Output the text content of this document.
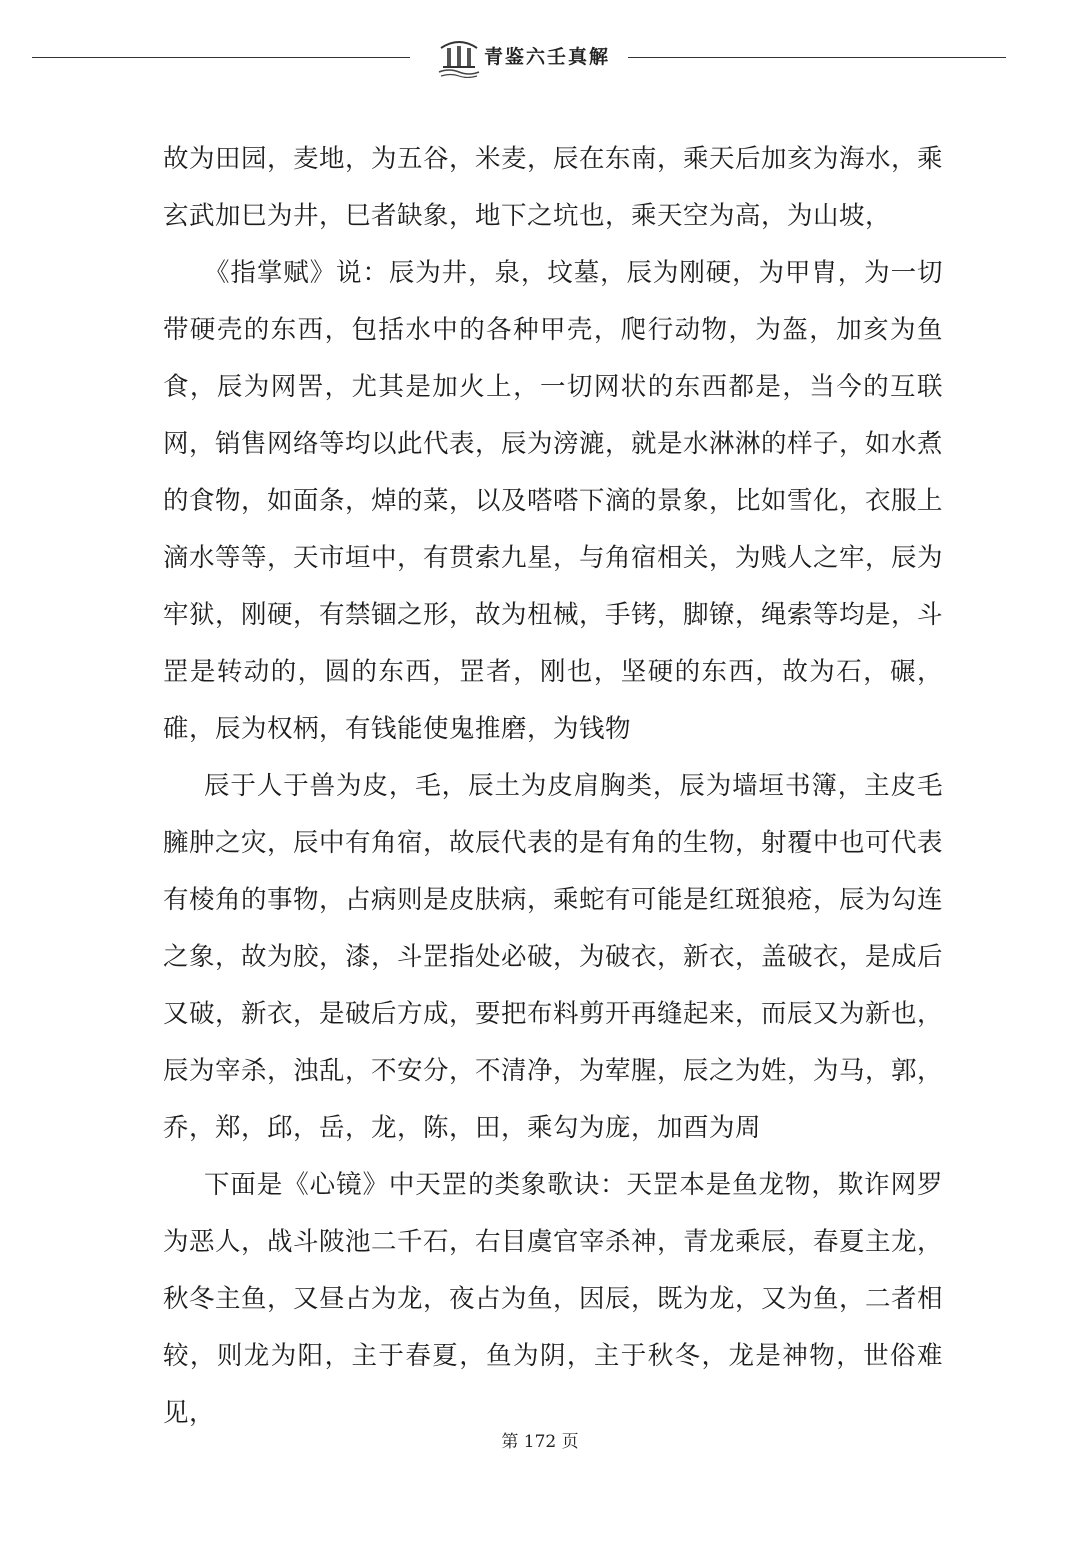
青鉴六壬真解

故为田园，麦地，为五谷，米麦，辰在东南，乘天后加亥为海水，乘玄武加巳为井，巳者缺象，地下之坑也，乘天空为高，为山坡，

《指掌赋》说：辰为井，泉，坟墓，辰为刚硬，为甲胄，为一切带硬壳的东西，包括水中的各种甲壳，爬行动物，为盔，加亥为鱼食，辰为网罟，尤其是加火上，一切网状的东西都是，当今的互联网，销售网络等均以此代表，辰为滂漉，就是水淋淋的样子，如水煮的食物，如面条，焯的菜，以及嗒嗒下滴的景象，比如雪化，衣服上滴水等等，天市垣中，有贯索九星，与角宿相关，为贱人之牢，辰为牢狱，刚硬，有禁锢之形，故为杻械，手铐，脚镣，绳索等均是，斗罡是转动的，圆的东西，罡者，刚也，坚硬的东西，故为石，碾，碓，辰为权柄，有钱能使鬼推磨，为钱物

辰于人于兽为皮，毛，辰土为皮肩胸类，辰为墙垣书簿，主皮毛臃肿之灾，辰中有角宿，故辰代表的是有角的生物，射覆中也可代表有棱角的事物，占病则是皮肤病，乘蛇有可能是红斑狼疮，辰为勾连之象，故为胶，漆，斗罡指处必破，为破衣，新衣，盖破衣，是成后又破，新衣，是破后方成，要把布料剪开再缝起来，而辰又为新也，辰为宰杀，浊乱，不安分，不清净，为荤腥，辰之为姓，为马，郭，乔，郑，邱，岳，龙，陈，田，乘勾为庞，加酉为周

下面是《心镜》中天罡的类象歌诀：天罡本是鱼龙物，欺诈网罗为恶人，战斗陂池二千石，右目虞官宰杀神，青龙乘辰，春夏主龙，秋冬主鱼，又昼占为龙，夜占为鱼，因辰，既为龙，又为鱼，二者相较，则龙为阳，主于春夏，鱼为阴，主于秋冬，龙是神物，世俗难见，

第 172 页
